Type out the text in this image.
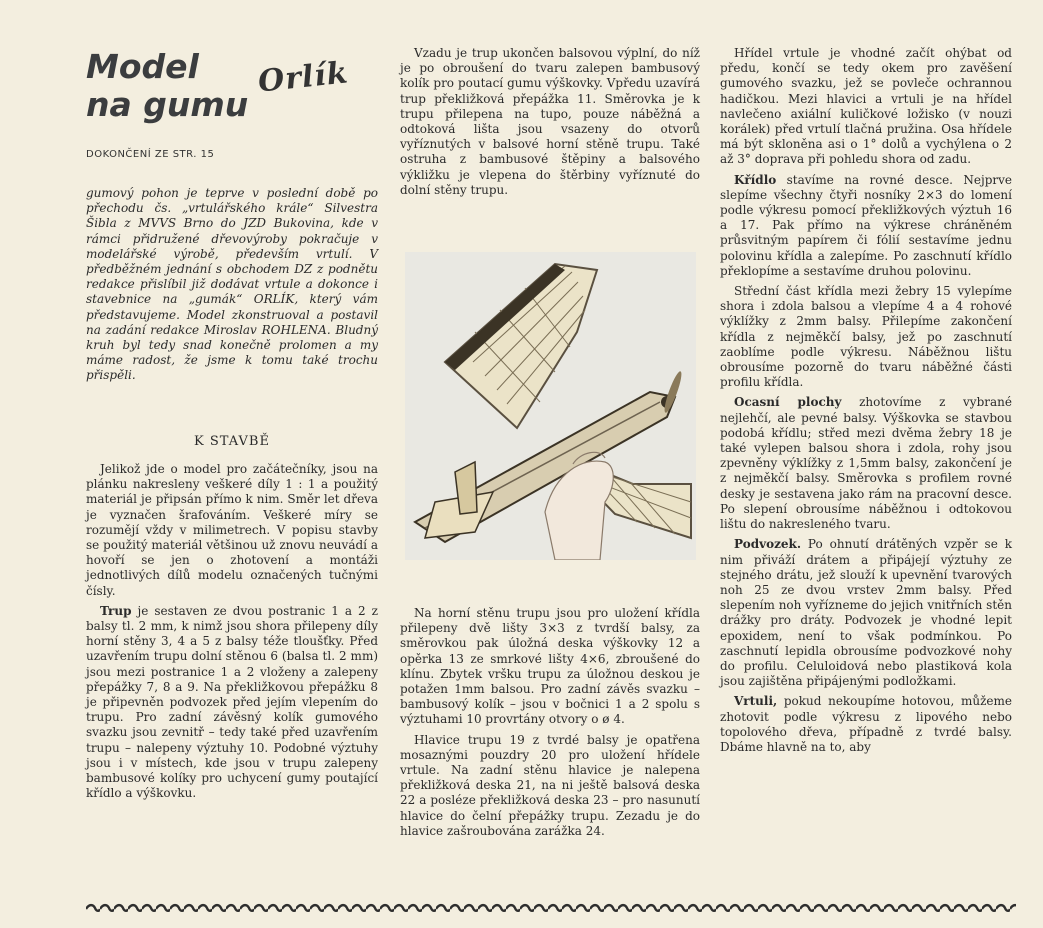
Model
na gumu
Orlík
DOKONČENÍ ZE STR. 15
gumový pohon je teprve v poslední době po přechodu čs. „vrtulářského krále“ Silvestra Šibla z MVVS Brno do JZD Bukovina, kde v rámci přidružené dřevovýroby pokračuje v modelářské výrobě, především vrtulí. V předběžném jednání s obchodem DZ z podnětu redakce přislíbil již dodávat vrtule a dokonce i stavebnice na „gumák“ ORLÍK, který vám představujeme. Model zkonstruoval a postavil na zadání redakce Miroslav ROHLENA. Bludný kruh byl tedy snad konečně prolomen a my máme radost, že jsme k tomu také trochu přispěli.
K STAVBĚ

Jelikož jde o model pro začátečníky, jsou na plánku nakresleny veškeré díly 1 : 1 a použitý materiál je připsán přímo k nim. Směr let dřeva je vyznačen šrafováním. Veškeré míry se rozumějí vždy v milimetrech. V popisu stavby se použitý materiál většinou už znovu neuvádí a hovoří se jen o zhotovení a montáži jednotlivých dílů modelu označených tučnými čísly.

Trup je sestaven ze dvou postranic 1 a 2 z balsy tl. 2 mm, k nimž jsou shora přilepeny díly horní stěny 3, 4 a 5 z balsy téže tloušťky. Před uzavřením trupu dolní stěnou 6 (balsa tl. 2 mm) jsou mezi postranice 1 a 2 vloženy a zalepeny přepážky 7, 8 a 9. Na překližkovou přepážku 8 je připevněn podvozek před jejím vlepením do trupu. Pro zadní závěsný kolík gumového svazku jsou zevnitř – tedy také před uzavřením trupu – nalepeny výztuhy 10. Podobné výztuhy jsou i v místech, kde jsou v trupu zalepeny bambusové kolíky pro uchycení gumy poutající křídlo a výškovku.

Vzadu je trup ukončen balsovou výplní, do níž je po obroušení do tvaru zalepen bambusový kolík pro poutací gumu výškovky. Vpředu uzavírá trup překližková přepážka 11. Směrovka je k trupu přilepena na tupo, pouze náběžná a odtoková lišta jsou vsazeny do otvorů vyříznutých v balsové horní stěně trupu. Také ostruha z bambusové štěpiny a balsového výkližku je vlepena do štěrbiny vyříznuté do dolní stěny trupu.

Na horní stěnu trupu jsou pro uložení křídla přilepeny dvě lišty 3×3 z tvrdší balsy, za směrovkou pak úložná deska výškovky 12 a opěrka 13 ze smrkové lišty 4×6, zbroušené do klínu. Zbytek vršku trupu za úložnou deskou je potažen 1mm balsou. Pro zadní závěs svazku – bambusový kolík – jsou v bočnici 1 a 2 spolu s výztuhami 10 provrtány otvory o ø 4.

Hlavice trupu 19 z tvrdé balsy je opatřena mosaznými pouzdry 20 pro uložení hřídele vrtule. Na zadní stěnu hlavice je nalepena překližková deska 21, na ni ještě balsová deska 22 a posléze překližková deska 23 – pro nasunutí hlavice do čelní přepážky trupu. Zezadu je do hlavice zašroubována zarážka 24.

Hřídel vrtule je vhodné začít ohýbat od předu, končí se tedy okem pro zavěšení gumového svazku, jež se povleče ochrannou hadičkou. Mezi hlavici a vrtuli je na hřídel navlečeno axiální kuličkové ložisko (v nouzi korálek) před vrtulí tlačná pružina. Osa hřídele má být skloněna asi o 1° dolů a vychýlena o 2 až 3° doprava při pohledu shora od zadu.

Křídlo stavíme na rovné desce. Nejprve slepíme všechny čtyři nosníky 2×3 do lomení podle výkresu pomocí překližkových výztuh 16 a 17. Pak přímo na výkrese chráněném průsvitným papírem či fólií sestavíme jednu polovinu křídla a zalepíme. Po zaschnutí křídlo překlopíme a sestavíme druhou polovinu.

Střední část křídla mezi žebry 15 vylepíme shora i zdola balsou a vlepíme 4 a 4 rohové výklížky z 2mm balsy. Přilepíme zakončení křídla z nejměkčí balsy, jež po zaschnutí zaoblíme podle výkresu. Náběžnou lištu obrousíme pozorně do tvaru náběžné části profilu křídla.

Ocasní plochy zhotovíme z vybrané nejlehčí, ale pevné balsy. Výškovka se stavbou podobá křídlu; střed mezi dvěma žebry 18 je také vylepen balsou shora i zdola, rohy jsou zpevněny výklížky z 1,5mm balsy, zakončení je z nejměkčí balsy. Směrovka s profilem rovné desky je sestavena jako rám na pracovní desce. Po slepení obrousíme náběžnou i odtokovou lištu do nakresleného tvaru.

Podvozek. Po ohnutí drátěných vzpěr se k nim přiváží drátem a připájejí výztuhy ze stejného drátu, jež slouží k upevnění tvarových noh 25 ze dvou vrstev 2mm balsy. Před slepením noh vyřízneme do jejich vnitřních stěn drážky pro dráty. Podvozek je vhodné lepit epoxidem, není to však podmínkou. Po zaschnutí lepidla obrousíme podvozkové nohy do profilu. Celuloidová nebo plastiková kola jsou zajištěna připájenými podložkami.

Vrtuli, pokud nekoupíme hotovou, můžeme zhotovit podle výkresu z lipového nebo topolového dřeva, případně z tvrdé balsy. Dbáme hlavně na to, aby
